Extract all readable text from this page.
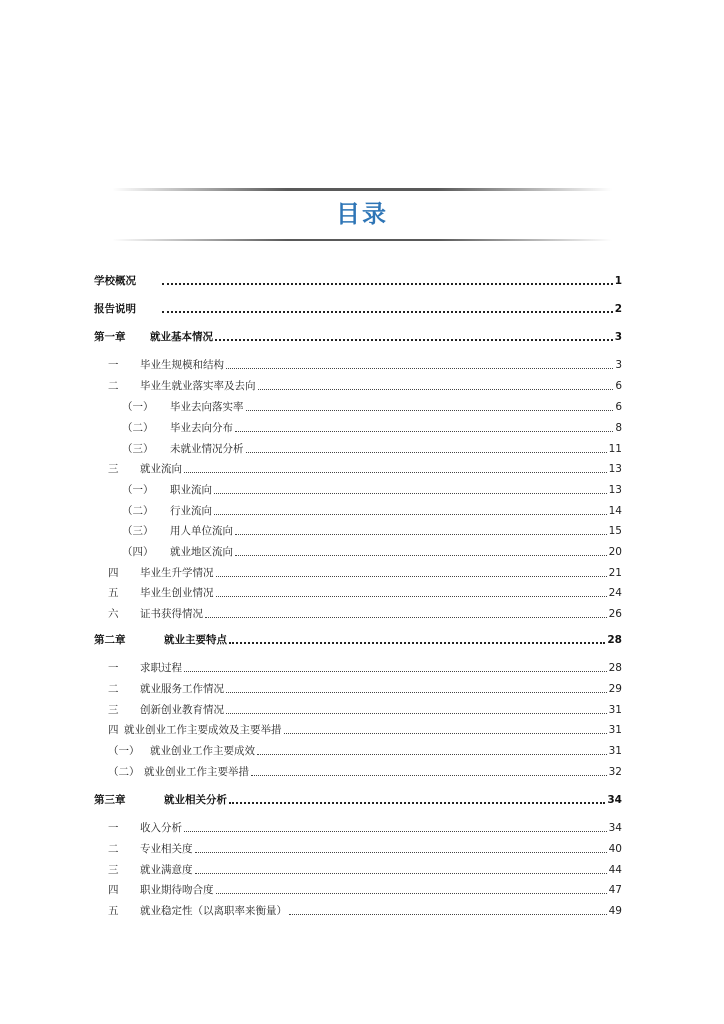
目录
学校概况	1
报告说明	2
第一章	就业基本情况	3
一	毕业生规模和结构	3
二	毕业生就业落实率及去向	6
（一）	毕业去向落实率	6
（二）	毕业去向分布	8
（三）	未就业情况分析	11
三	就业流向	13
（一）	职业流向	13
（二）	行业流向	14
（三）	用人单位流向	15
（四）	就业地区流向	20
四	毕业生升学情况	21
五	毕业生创业情况	24
六	证书获得情况	26
第二章	就业主要特点	28
一	求职过程	28
二	就业服务工作情况	29
三	创新创业教育情况	31
四 就业创业工作主要成效及主要举措	31
（一）	就业创业工作主要成效	31
（二） 就业创业工作主要举措	32
第三章	就业相关分析	34
一	收入分析	34
二	专业相关度	40
三	就业满意度	44
四	职业期待吻合度	47
五	就业稳定性（以离职率来衡量）	49
